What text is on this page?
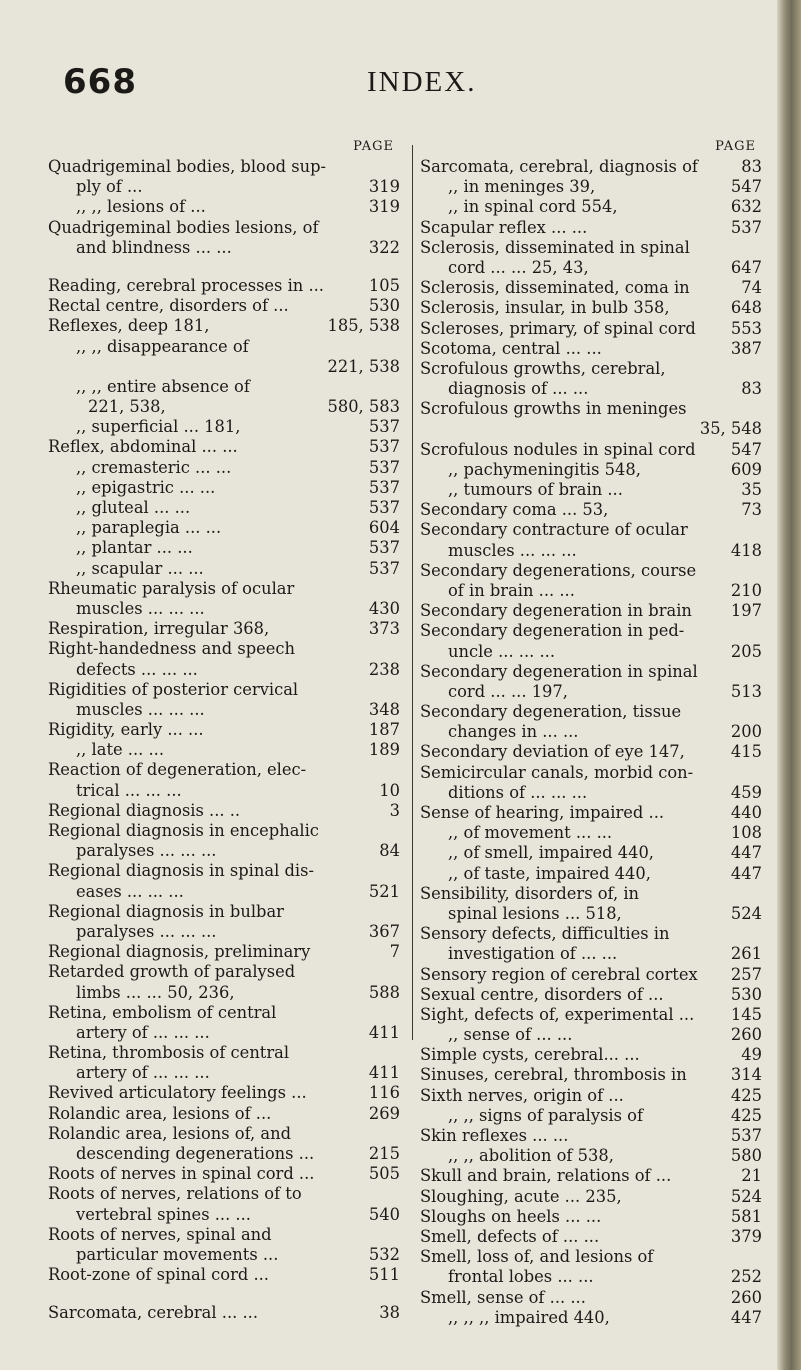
668	INDEX.
PAGE
Quadrigeminal bodies, blood sup-
ply of ...	319
,, ,, lesions of ...	319
Quadrigeminal bodies lesions, of
and blindness ... ...	322
Reading, cerebral processes in ...	105
Rectal centre, disorders of ...	530
Reflexes, deep 181,	185, 538
,, ,, disappearance of
221, 538
,, ,, entire absence of
221, 538,	580, 583
,, superficial ... 181,	537
Reflex, abdominal ... ...	537
,, cremasteric ... ...	537
,, epigastric ... ...	537
,, gluteal ... ...	537
,, paraplegia ... ...	604
,, plantar ... ...	537
,, scapular ... ...	537
Rheumatic paralysis of ocular
muscles ... ... ...	430
Respiration, irregular 368,	373
Right-handedness and speech
defects ... ... ...	238
Rigidities of posterior cervical
muscles ... ... ...	348
Rigidity, early ... ...	187
,, late ... ...	189
Reaction of degeneration, elec-
trical ... ... ...	10
Regional diagnosis ... ..	3
Regional diagnosis in encephalic
paralyses ... ... ...	84
Regional diagnosis in spinal dis-
eases ... ... ...	521
Regional diagnosis in bulbar
paralyses ... ... ...	367
Regional diagnosis, preliminary	7
Retarded growth of paralysed
limbs ... ... 50, 236,	588
Retina, embolism of central
artery of ... ... ...	411
Retina, thrombosis of central
artery of ... ... ...	411
Revived articulatory feelings ...	116
Rolandic area, lesions of ...	269
Rolandic area, lesions of, and
descending degenerations ...	215
Roots of nerves in spinal cord ...	505
Roots of nerves, relations of to
vertebral spines ... ...	540
Roots of nerves, spinal and
particular movements ...	532
Root-zone of spinal cord ...	511
Sarcomata, cerebral ... ...	38
PAGE
Sarcomata, cerebral, diagnosis of	83
,, in meninges 39,	547
,, in spinal cord 554,	632
Scapular reflex ... ...	537
Sclerosis, disseminated in spinal
cord ... ... 25, 43,	647
Sclerosis, disseminated, coma in	74
Sclerosis, insular, in bulb 358,	648
Scleroses, primary, of spinal cord 553
Scotoma, central ... ...	387
Scrofulous growths, cerebral,
diagnosis of ... ...	83
Scrofulous growths in meninges
35, 548
Scrofulous nodules in spinal cord 547
,, pachymeningitis 548,	609
,, tumours of brain ...	35
Secondary coma ... 53,	73
Secondary contracture of ocular
muscles ... ... ...	418
Secondary degenerations, course
of in brain ... ...	210
Secondary degeneration in brain 197
Secondary degeneration in ped-
uncle ... ... ...	205
Secondary degeneration in spinal
cord ... ... 197,	513
Secondary degeneration, tissue
changes in ... ...	200
Secondary deviation of eye 147,	415
Semicircular canals, morbid con-
ditions of ... ... ...	459
Sense of hearing, impaired ...	440
,, of movement ... ...	108
,, of smell, impaired 440,	447
,, of taste, impaired 440,	447
Sensibility, disorders of, in
spinal lesions ... 518,	524
Sensory defects, difficulties in
investigation of ... ...	261
Sensory region of cerebral cortex 257
Sexual centre, disorders of ...	530
Sight, defects of, experimental ... 145
,, sense of ... ...	260
Simple cysts, cerebral... ...	49
Sinuses, cerebral, thrombosis in	314
Sixth nerves, origin of ...	425
,, ,, signs of paralysis of	425
Skin reflexes ... ...	537
,, ,, abolition of 538,	580
Skull and brain, relations of ...	21
Sloughing, acute ... 235,	524
Sloughs on heels ... ...	581
Smell, defects of ... ...	379
Smell, loss of, and lesions of
frontal lobes ... ...	252
Smell, sense of ... ...	260
,, ,, ,, impaired 440,	447
